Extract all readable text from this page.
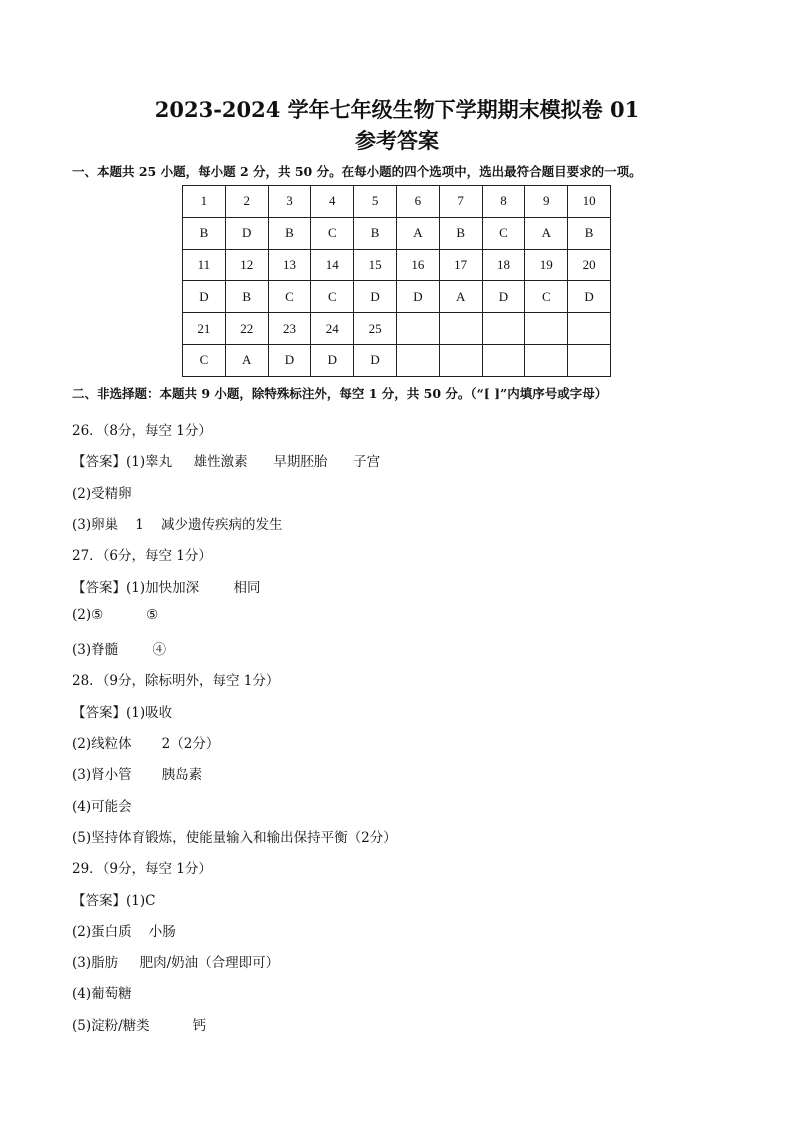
2023-2024 学年七年级生物下学期期末模拟卷 01
参考答案
一、本题共 25 小题，每小题 2 分，共 50 分。在每小题的四个选项中，选出最符合题目要求的一项。
1	2	3	4	5	6	7	8	9	10
B	D	B	C	B	A	B	C	A	B
11	12	13	14	15	16	17	18	19	20
D	B	C	C	D	D	A	D	C	D
21	22	23	24	25					
C	A	D	D	D					
二、非选择题：本题共 9 小题，除特殊标注外，每空 1 分，共 50 分。（“[ ]”内填序号或字母）
26．（8分，每空 1分）
【答案】(1)睾丸     雄性激素      早期胚胎      子宫
(2)受精卵
(3)卵巢    1    减少遗传疾病的发生
27．（6分，每空 1分）
【答案】(1)加快加深        相同
(2)⑤          ⑤
(3)脊髓        ④
28．（9分，除标明外，每空 1分）
【答案】(1)吸收
(2)线粒体       2（2分）
(3)肾小管       胰岛素
(4)可能会
(5)坚持体育锻炼，使能量输入和输出保持平衡（2分）
29．（9分，每空 1分）
【答案】(1)C
(2)蛋白质    小肠
(3)脂肪     肥肉/奶油（合理即可）
(4)葡萄糖
(5)淀粉/糖类          钙
